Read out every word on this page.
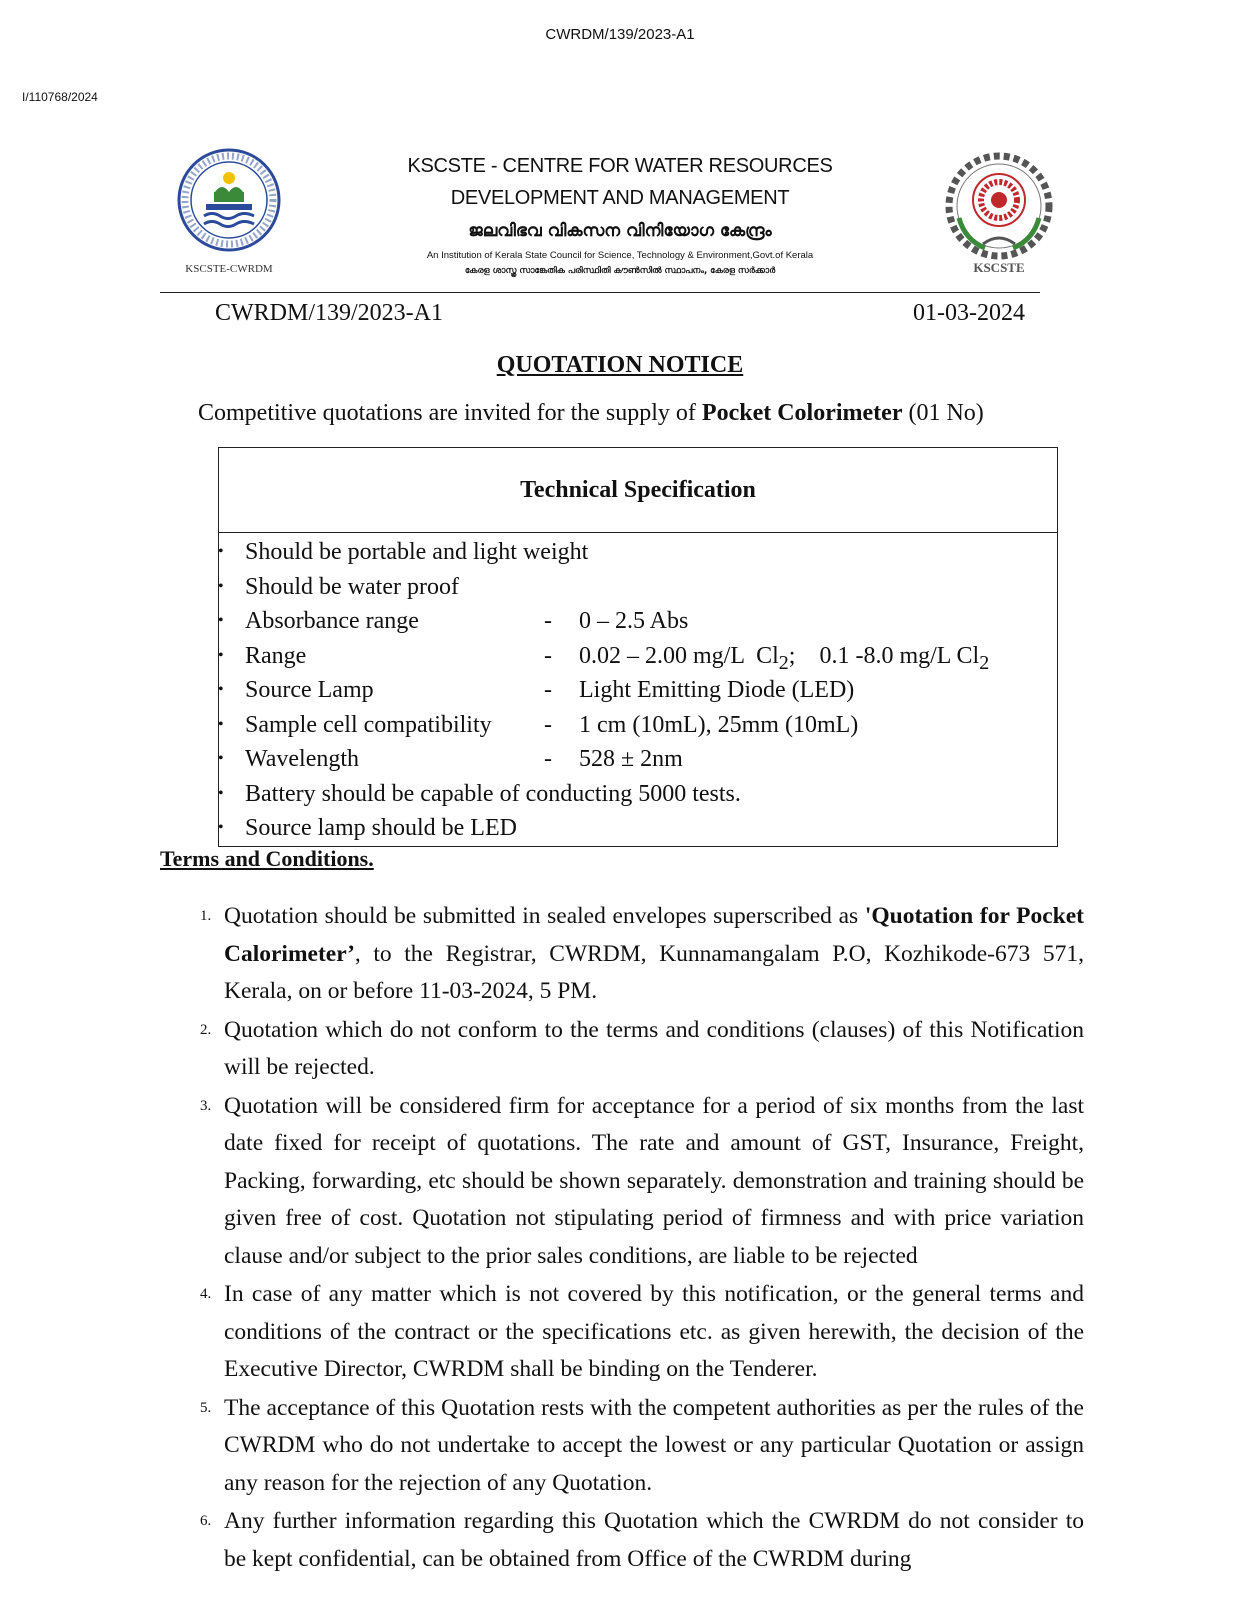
CWRDM/139/2023-A1
I/110768/2024
KSCSTE-CWRDM
KSCSTE - CENTRE FOR WATER RESOURCES
DEVELOPMENT AND MANAGEMENT
ജലവിഭവ വികസന വിനിയോഗ കേന്ദ്രം
An Institution of Kerala State Council for Science, Technology & Environment,Govt.of Kerala
കേരള ശാസ്ത്ര സാങ്കേതിക പരിസ്ഥിതി കൗൺസിൽ സ്ഥാപനം, കേരള സർക്കാർ	KSCSTE
CWRDM/139/2023-A1	01-03-2024
QUOTATION NOTICE
Competitive quotations are invited for the supply of Pocket Colorimeter (01 No)
Technical Specification
• Should be portable and light weight
• Should be water proof
• Absorbance range	- 0 – 2.5 Abs
• Range	- 0.02 – 2.00 mg/L  $Cl_2$;    0.1 -8.0 mg/L $Cl_2$
• Source Lamp	- Light Emitting Diode (LED)
• Sample cell compatibility - 1 cm (10mL), 25mm (10mL)
• Wavelength	- 528 ± 2nm
• Battery should be capable of conducting 5000 tests.
• Source lamp should be LED
Terms and Conditions.
1. Quotation should be submitted in sealed envelopes superscribed as 'Quotation for Pocket Calorimeter’, to the Registrar, CWRDM, Kunnamangalam P.O, Kozhikode-673 571, Kerala, on or before 11-03-2024, 5 PM.
2. Quotation which do not conform to the terms and conditions (clauses) of this Notification will be rejected.
3. Quotation will be considered firm for acceptance for a period of six months from the last date fixed for receipt of quotations. The rate and amount of GST, Insurance, Freight, Packing, forwarding, etc should be shown separately. demonstration and training should be given free of cost. Quotation not stipulating period of firmness and with price variation clause and/or subject to the prior sales conditions, are liable to be rejected
4. In case of any matter which is not covered by this notification, or the general terms and conditions of the contract or the specifications etc. as given herewith, the decision of the Executive Director, CWRDM shall be binding on the Tenderer.
5. The acceptance of this Quotation rests with the competent authorities as per the rules of the CWRDM who do not undertake to accept the lowest or any particular Quotation or assign any reason for the rejection of any Quotation.
6. Any further information regarding this Quotation which the CWRDM do not consider to be kept confidential, can be obtained from Office of the CWRDM during
